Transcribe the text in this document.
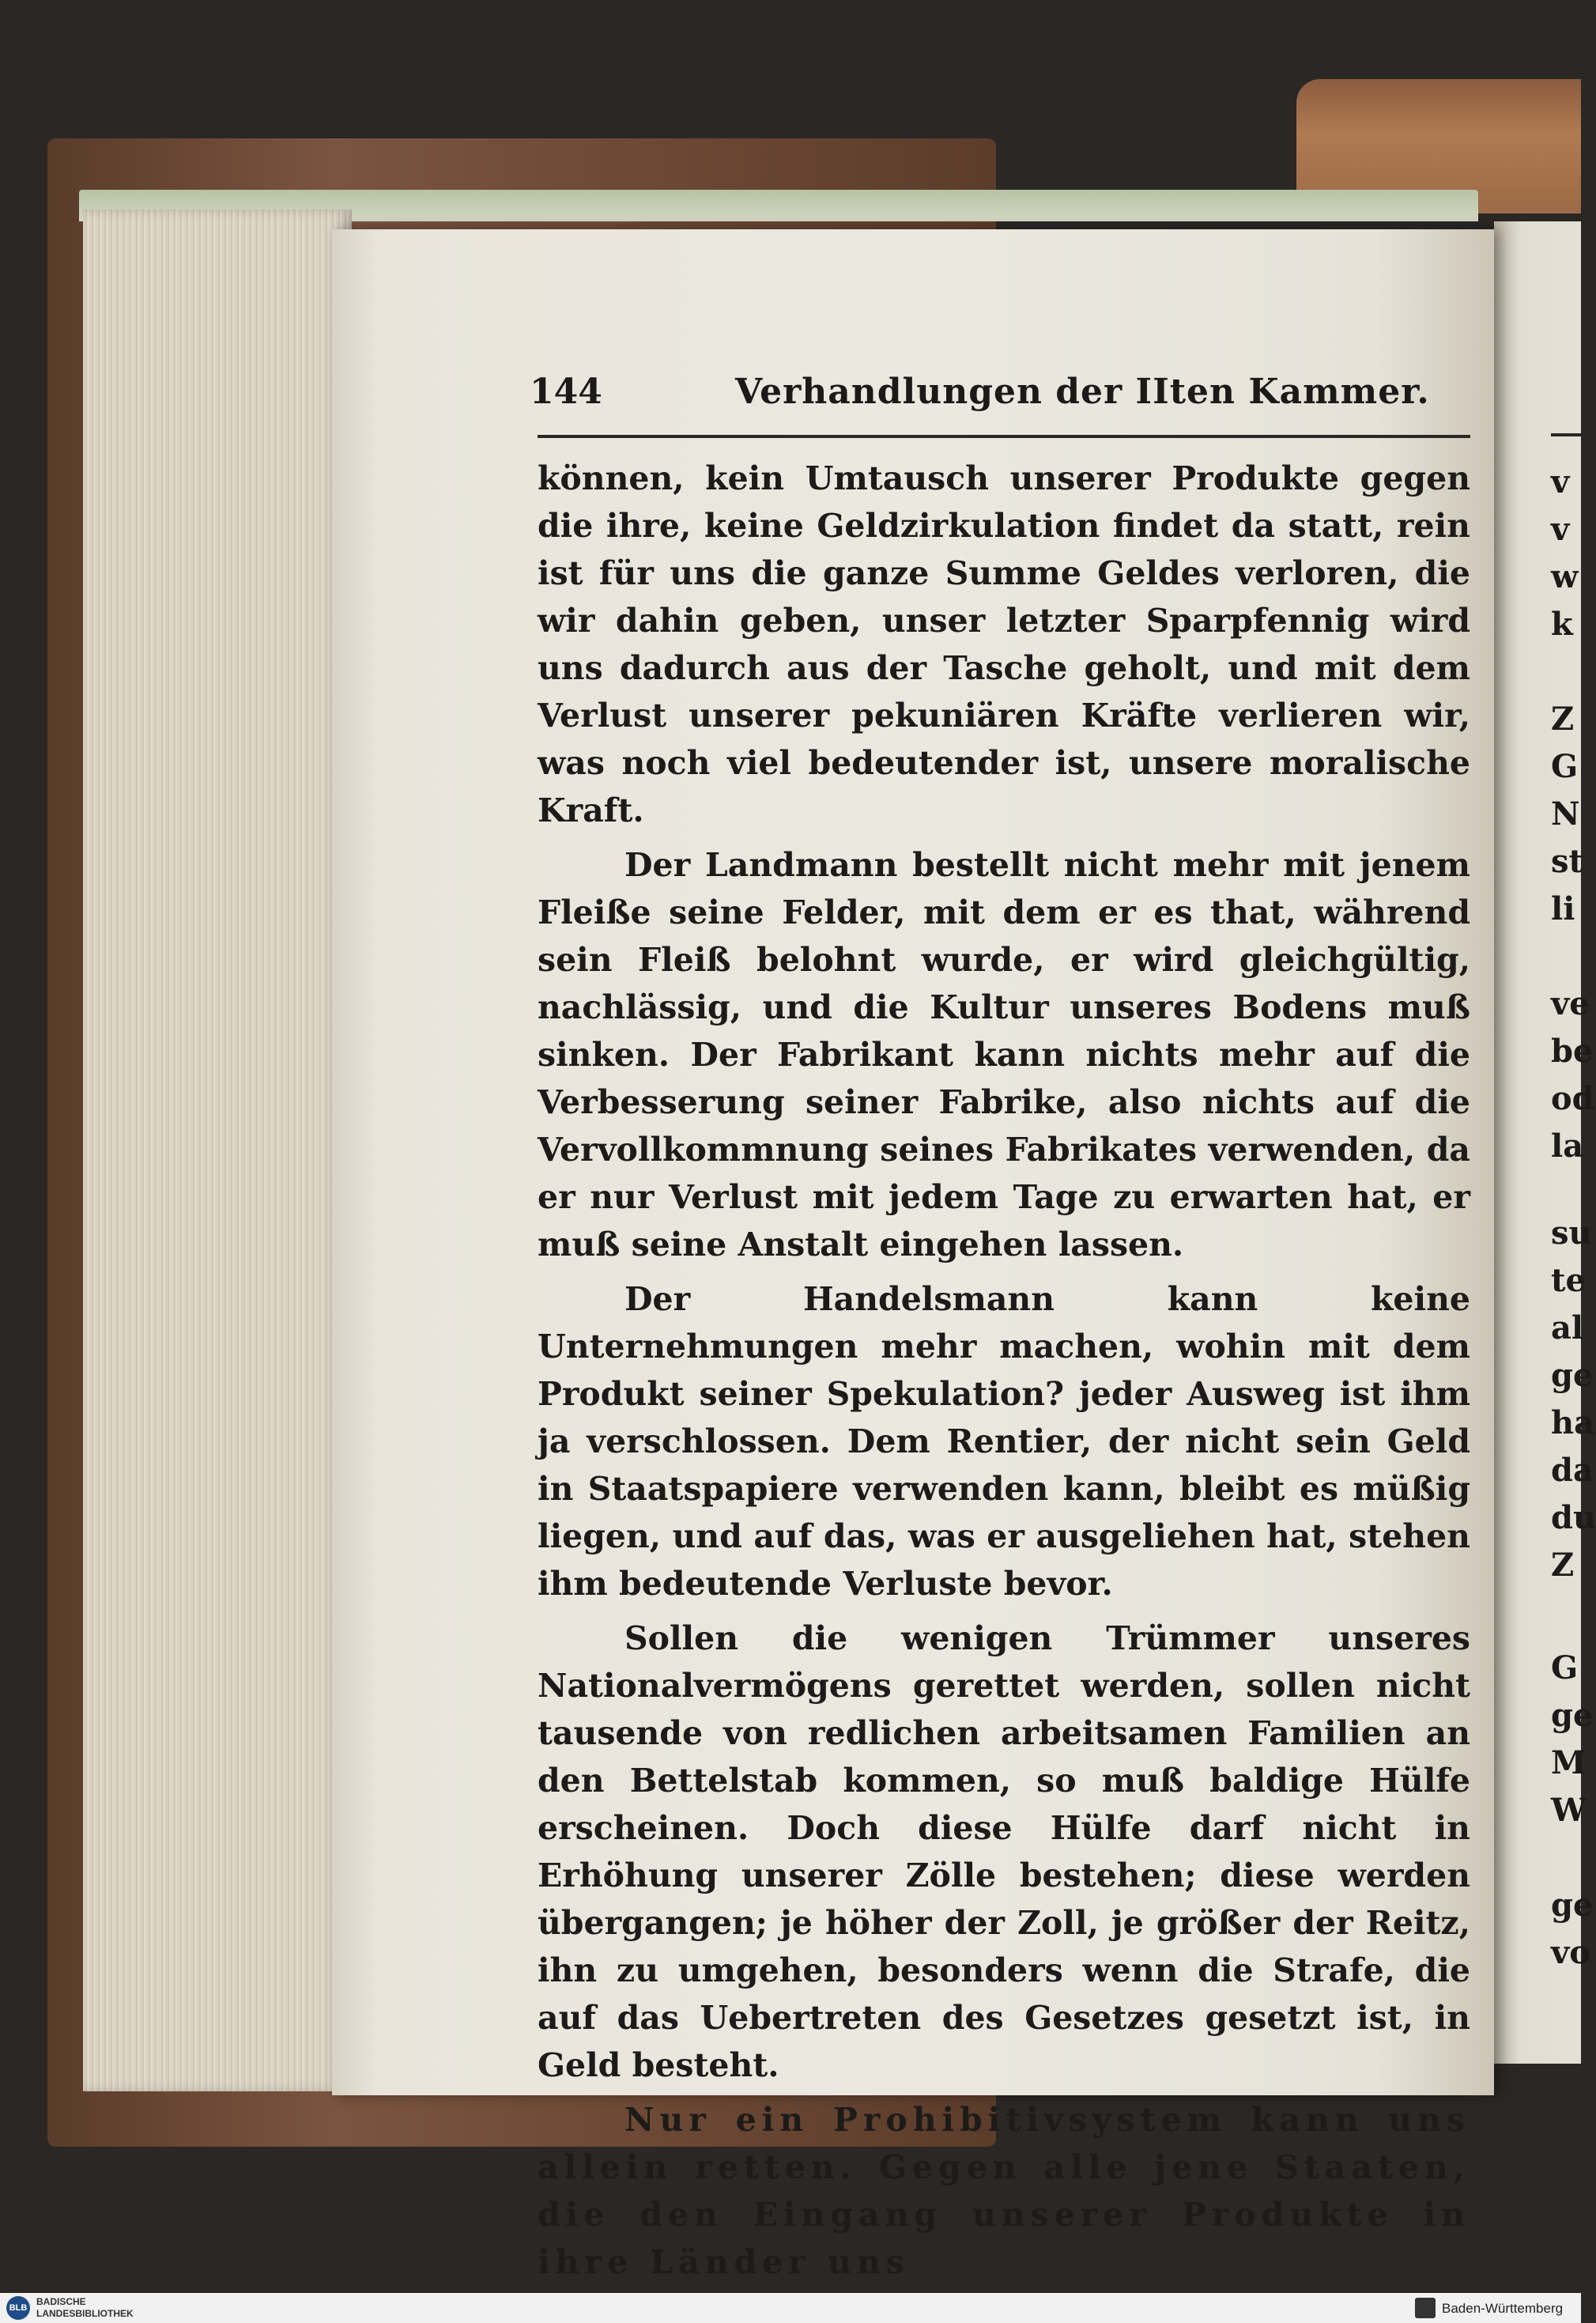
144	Verhandlungen der IIten Kammer.

können, kein Umtausch unserer Produkte gegen die ihre, keine Geldzirkulation findet da statt, rein ist für uns die ganze Summe Geldes verloren, die wir dahin geben, unser letzter Sparpfennig wird uns dadurch aus der Tasche geholt, und mit dem Verlust unserer pekuniären Kräfte verlieren wir, was noch viel bedeutender ist, unsere moralische Kraft.

Der Landmann bestellt nicht mehr mit jenem Fleiße seine Felder, mit dem er es that, während sein Fleiß belohnt wurde, er wird gleichgültig, nachlässig, und die Kultur unseres Bodens muß sinken. Der Fabrikant kann nichts mehr auf die Verbesserung seiner Fabrike, also nichts auf die Vervollkommnung seines Fabrikates verwenden, da er nur Verlust mit jedem Tage zu erwarten hat, er muß seine Anstalt eingehen lassen.

Der Handelsmann kann keine Unternehmungen mehr machen, wohin mit dem Produkt seiner Spekulation? jeder Ausweg ist ihm ja verschlossen. Dem Rentier, der nicht sein Geld in Staatspapiere verwenden kann, bleibt es müßig liegen, und auf das, was er ausgeliehen hat, stehen ihm bedeutende Verluste bevor.

Sollen die wenigen Trümmer unseres Nationalvermögens gerettet werden, sollen nicht tausende von redlichen arbeitsamen Familien an den Bettelstab kommen, so muß baldige Hülfe erscheinen. Doch diese Hülfe darf nicht in Erhöhung unserer Zölle bestehen; diese werden übergangen; je höher der Zoll, je größer der Reitz, ihn zu umgehen, besonders wenn die Strafe, die auf das Uebertreten des Gesetzes gesetzt ist, in Geld besteht.

Nur ein Prohibitivsystem kann uns allein retten. Gegen alle jene Staaten, die den Eingang unserer Produkte in ihre Länder uns

v
v
w
k
Z
G
N
st
li
ve
be
od
la
su
te
al
ge
ha
da
du
Z
G
ge
M
W
ge
vo
BLB
BADISCHE
LANDESBIBLIOTHEK	Baden-Württemberg
